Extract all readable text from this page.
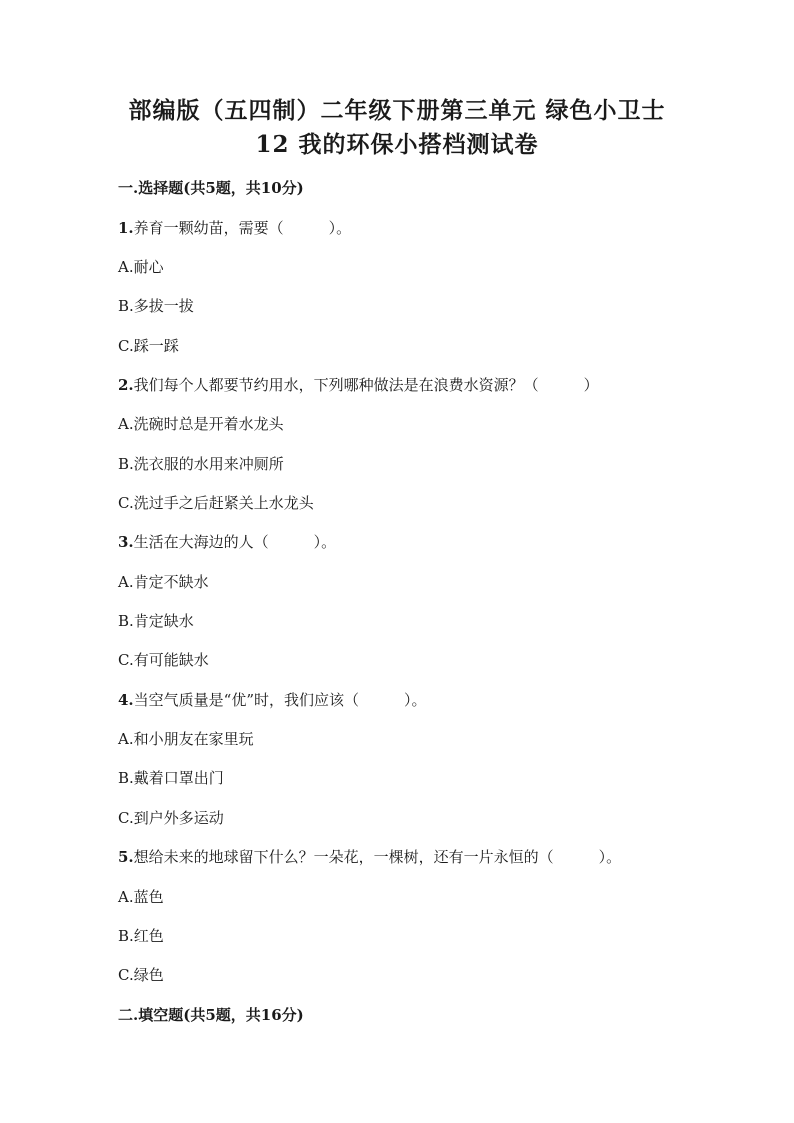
部编版（五四制）二年级下册第三单元 绿色小卫士
12 我的环保小搭档测试卷
一.选择题(共5题，共10分)
1.养育一颗幼苗，需要（　　　）。
A.耐心
B.多拔一拔
C.踩一踩
2.我们每个人都要节约用水，下列哪种做法是在浪费水资源？（　　　）
A.洗碗时总是开着水龙头
B.洗衣服的水用来冲厕所
C.洗过手之后赶紧关上水龙头
3.生活在大海边的人（　　　）。
A.肯定不缺水
B.肯定缺水
C.有可能缺水
4.当空气质量是“优”时，我们应该（　　　）。
A.和小朋友在家里玩
B.戴着口罩出门
C.到户外多运动
5.想给未来的地球留下什么？一朵花，一棵树，还有一片永恒的（　　　）。
A.蓝色
B.红色
C.绿色
二.填空题(共5题，共16分)
